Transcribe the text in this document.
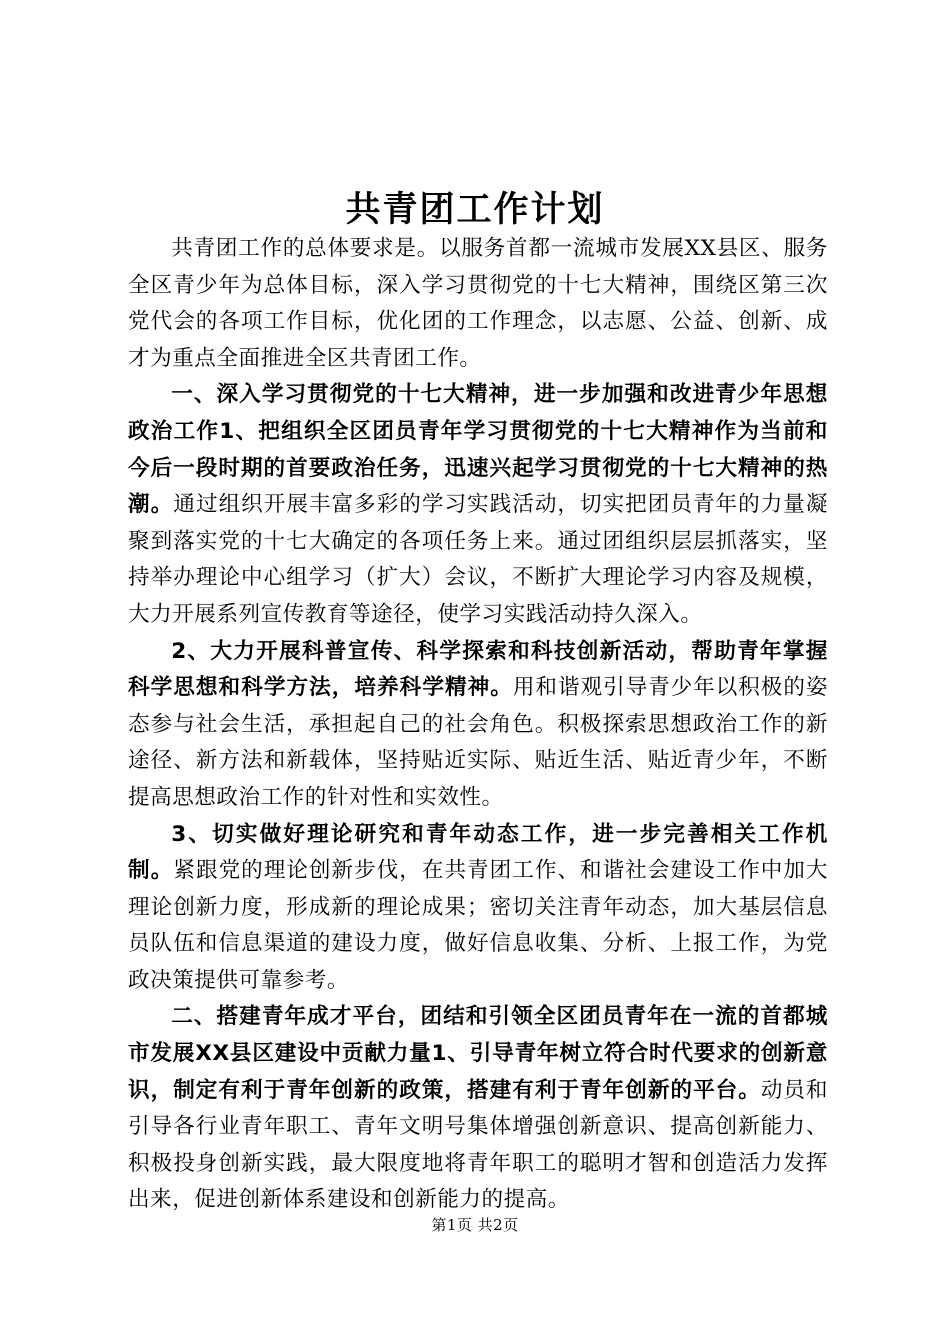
共青团工作计划

共青团工作的总体要求是。以服务首都一流城市发展XX县区、服务全区青少年为总体目标，深入学习贯彻党的十七大精神，围绕区第三次党代会的各项工作目标，优化团的工作理念，以志愿、公益、创新、成才为重点全面推进全区共青团工作。

一、深入学习贯彻党的十七大精神，进一步加强和改进青少年思想政治工作1、把组织全区团员青年学习贯彻党的十七大精神作为当前和今后一段时期的首要政治任务，迅速兴起学习贯彻党的十七大精神的热潮。通过组织开展丰富多彩的学习实践活动，切实把团员青年的力量凝聚到落实党的十七大确定的各项任务上来。通过团组织层层抓落实，坚持举办理论中心组学习（扩大）会议，不断扩大理论学习内容及规模，大力开展系列宣传教育等途径，使学习实践活动持久深入。

2、大力开展科普宣传、科学探索和科技创新活动，帮助青年掌握科学思想和科学方法，培养科学精神。用和谐观引导青少年以积极的姿态参与社会生活，承担起自己的社会角色。积极探索思想政治工作的新途径、新方法和新载体，坚持贴近实际、贴近生活、贴近青少年，不断提高思想政治工作的针对性和实效性。

3、切实做好理论研究和青年动态工作，进一步完善相关工作机制。紧跟党的理论创新步伐，在共青团工作、和谐社会建设工作中加大理论创新力度，形成新的理论成果；密切关注青年动态，加大基层信息员队伍和信息渠道的建设力度，做好信息收集、分析、上报工作，为党政决策提供可靠参考。

二、搭建青年成才平台，团结和引领全区团员青年在一流的首都城市发展XX县区建设中贡献力量1、引导青年树立符合时代要求的创新意识，制定有利于青年创新的政策，搭建有利于青年创新的平台。动员和引导各行业青年职工、青年文明号集体增强创新意识、提高创新能力、积极投身创新实践，最大限度地将青年职工的聪明才智和创造活力发挥出来，促进创新体系建设和创新能力的提高。

第1页 共2页
